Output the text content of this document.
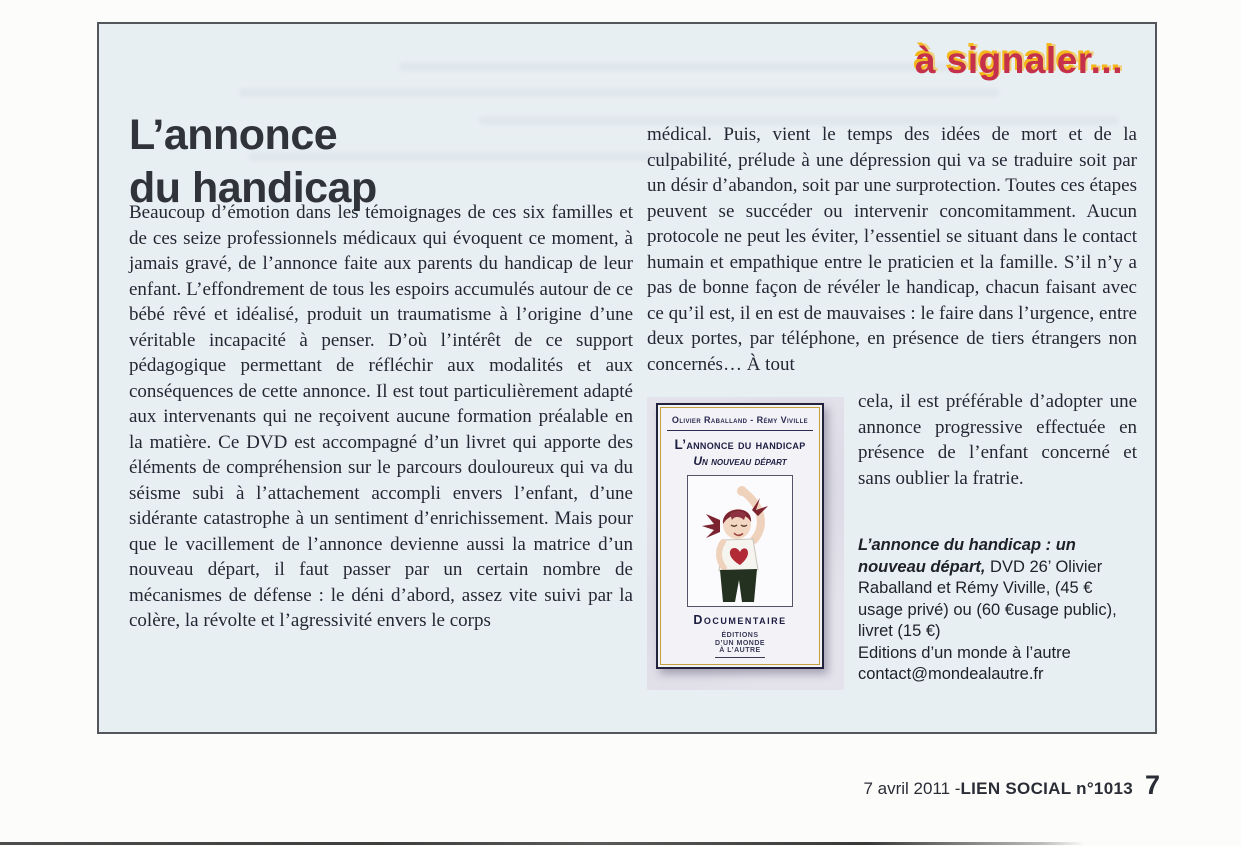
à signaler...
L’annonce
du handicap

Beaucoup d’émotion dans les témoignages de ces six familles et de ces seize professionnels médicaux qui évoquent ce moment, à jamais gravé, de l’annonce faite aux parents du handicap de leur enfant. L’effondrement de tous les espoirs accumulés autour de ce bébé rêvé et idéalisé, produit un traumatisme à l’origine d’une véritable incapacité à penser. D’où l’intérêt de ce support pédagogique permettant de réfléchir aux modalités et aux conséquences de cette annonce. Il est tout particulièrement adapté aux intervenants qui ne reçoivent aucune formation préalable en la matière. Ce DVD est accompagné d’un livret qui apporte des éléments de compréhension sur le parcours douloureux qui va du séisme subi à l’attachement accompli envers l’enfant, d’une sidérante catastrophe à un sentiment d’enrichissement. Mais pour que le vacillement de l’annonce devienne aussi la matrice d’un nouveau départ, il faut passer par un certain nombre de mécanismes de défense : le déni d’abord, assez vite suivi par la colère, la révolte et l’agressivité envers le corps

médical. Puis, vient le temps des idées de mort et de la culpabilité, prélude à une dépression qui va se traduire soit par un désir d’abandon, soit par une surprotection. Toutes ces étapes peuvent se succéder ou intervenir concomitamment. Aucun protocole ne peut les éviter, l’essentiel se situant dans le contact humain et empathique entre le praticien et la famille. S’il n’y a pas de bonne façon de révéler le handicap, chacun faisant avec ce qu’il est, il en est de mauvaises : le faire dans l’urgence, entre deux portes, par téléphone, en présence de tiers étrangers non concernés… À tout

Olivier Raballand - Rémy Viville
L’annonce du handicap
Un nouveau départ
Documentaire
ÉDITIONS
D’UN MONDE
À L’AUTRE

cela, il est préférable d’adopter une annonce progressive effectuée en présence de l’enfant concerné et sans oublier la fratrie.

L’annonce du handicap : un nouveau départ, DVD 26’ Olivier Raballand et Rémy Viville, (45 € usage privé) ou (60 €usage public), livret (15 €)

Editions d’un monde à l’autre
contact@mondealautre.fr
7 avril 2011 - LIEN SOCIAL n°1013 7
